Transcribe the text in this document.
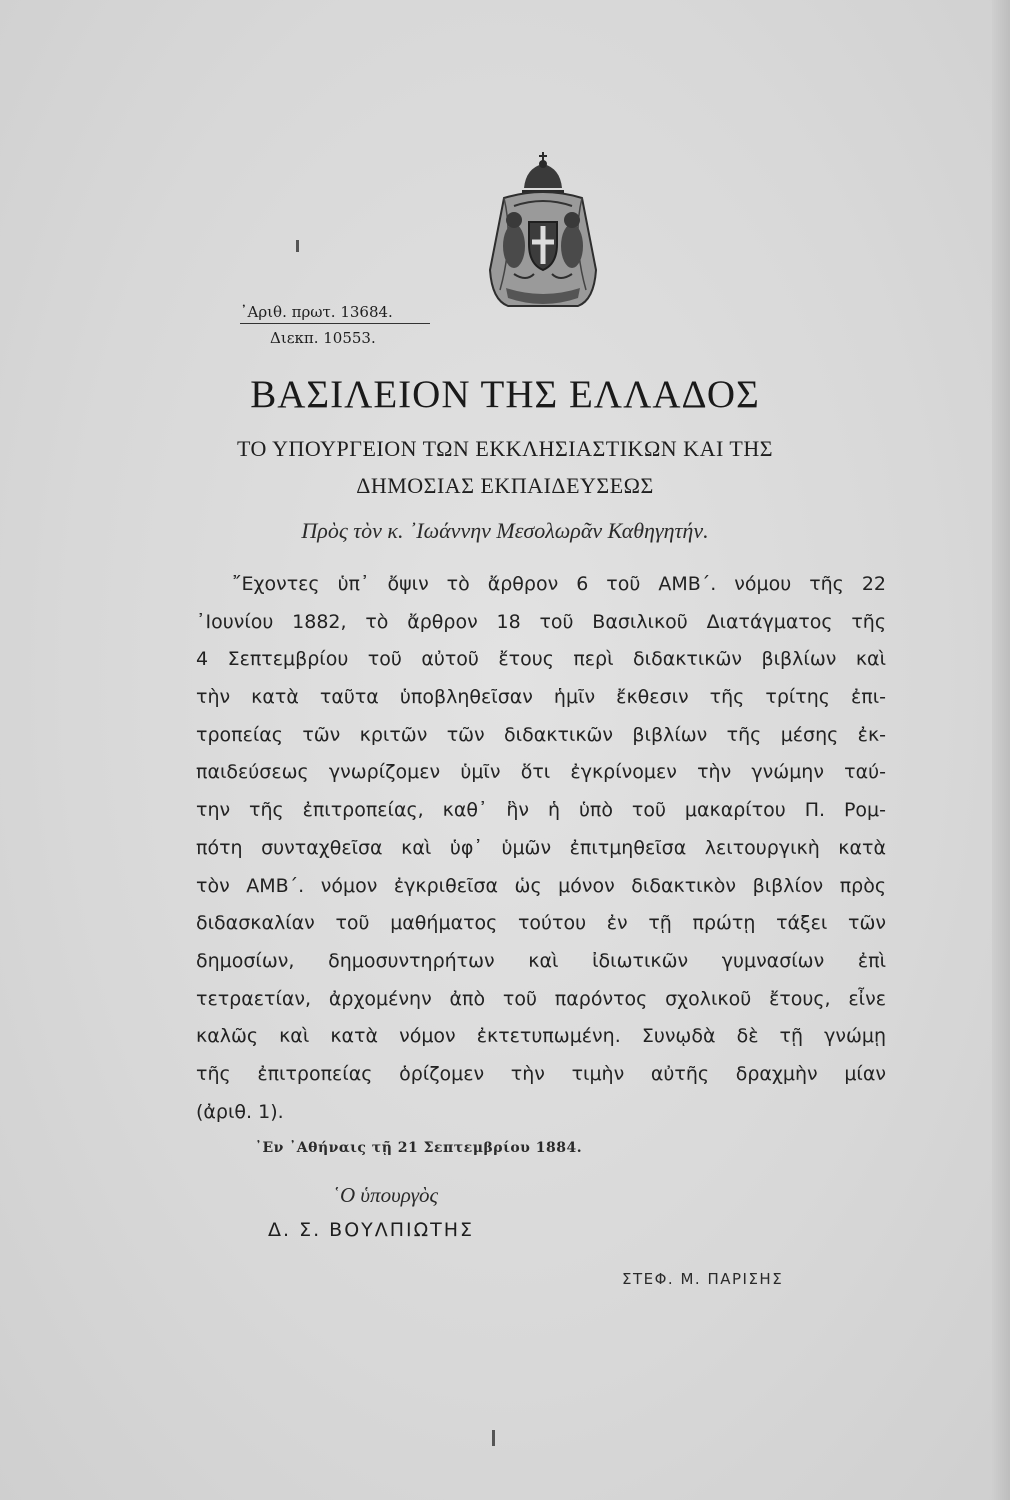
᾿Αριθ. πρωτ. 13684.
Διεκπ. 10553.
ΒΑΣΙΛΕΙΟΝ ΤΗΣ ΕΛΛΑΔΟΣ
ΤΟ ΥΠΟΥΡΓΕΙΟΝ ΤΩΝ ΕΚΚΛΗΣΙΑΣΤΙΚΩΝ ΚΑΙ ΤΗΣ
ΔΗΜΟΣΙΑΣ ΕΚΠΑΙΔΕΥΣΕΩΣ
Πρὸς τὸν κ. ᾿Ιωάννην Μεσολωρᾶν Καθηγητήν.
῎Εχοντες ὑπ᾿ ὄψιν τὸ ἄρθρον 6 τοῦ ΑΜΒ΄. νόμου τῆς 22
᾿Ιουνίου 1882, τὸ ἄρθρον 18 τοῦ Βασιλικοῦ Διατάγματος τῆς
4 Σεπτεμβρίου τοῦ αὐτοῦ ἔτους περὶ διδακτικῶν βιβλίων καὶ
τὴν κατὰ ταῦτα ὑποβληθεῖσαν ἡμῖν ἔκθεσιν τῆς τρίτης ἐπι-
τροπείας τῶν κριτῶν τῶν διδακτικῶν βιβλίων τῆς μέσης ἐκ-
παιδεύσεως γνωρίζομεν ὑμῖν ὅτι ἐγκρίνομεν τὴν γνώμην ταύ-
την τῆς ἐπιτροπείας, καθ᾿ ἣν ἡ ὑπὸ τοῦ μακαρίτου Π. Ρομ-
πότη συνταχθεῖσα καὶ ὑφ᾿ ὑμῶν ἐπιτμηθεῖσα λειτουργικὴ κατὰ
τὸν ΑΜΒ΄. νόμον ἐγκριθεῖσα ὡς μόνον διδακτικὸν βιβλίον πρὸς
διδασκαλίαν τοῦ μαθήματος τούτου ἐν τῇ πρώτῃ τάξει τῶν
δημοσίων, δημοσυντηρήτων καὶ ἰδιωτικῶν γυμνασίων ἐπὶ
τετραετίαν, ἀρχομένην ἀπὸ τοῦ παρόντος σχολικοῦ ἔτους, εἶνε
καλῶς καὶ κατὰ νόμον ἐκτετυπωμένη. Συνῳδὰ δὲ τῇ γνώμῃ
τῆς ἐπιτροπείας ὁρίζομεν τὴν τιμὴν αὐτῆς δραχμὴν μίαν
(ἀριθ. 1).
᾿Εν ᾿Αθήναις τῇ 21 Σεπτεμβρίου 1884.
῾Ο ὑπουργὸς
Δ. Σ. ΒΟΥΛΠΙΩΤΗΣ
ΣΤΕΦ. Μ. ΠΑΡΙΣΗΣ
